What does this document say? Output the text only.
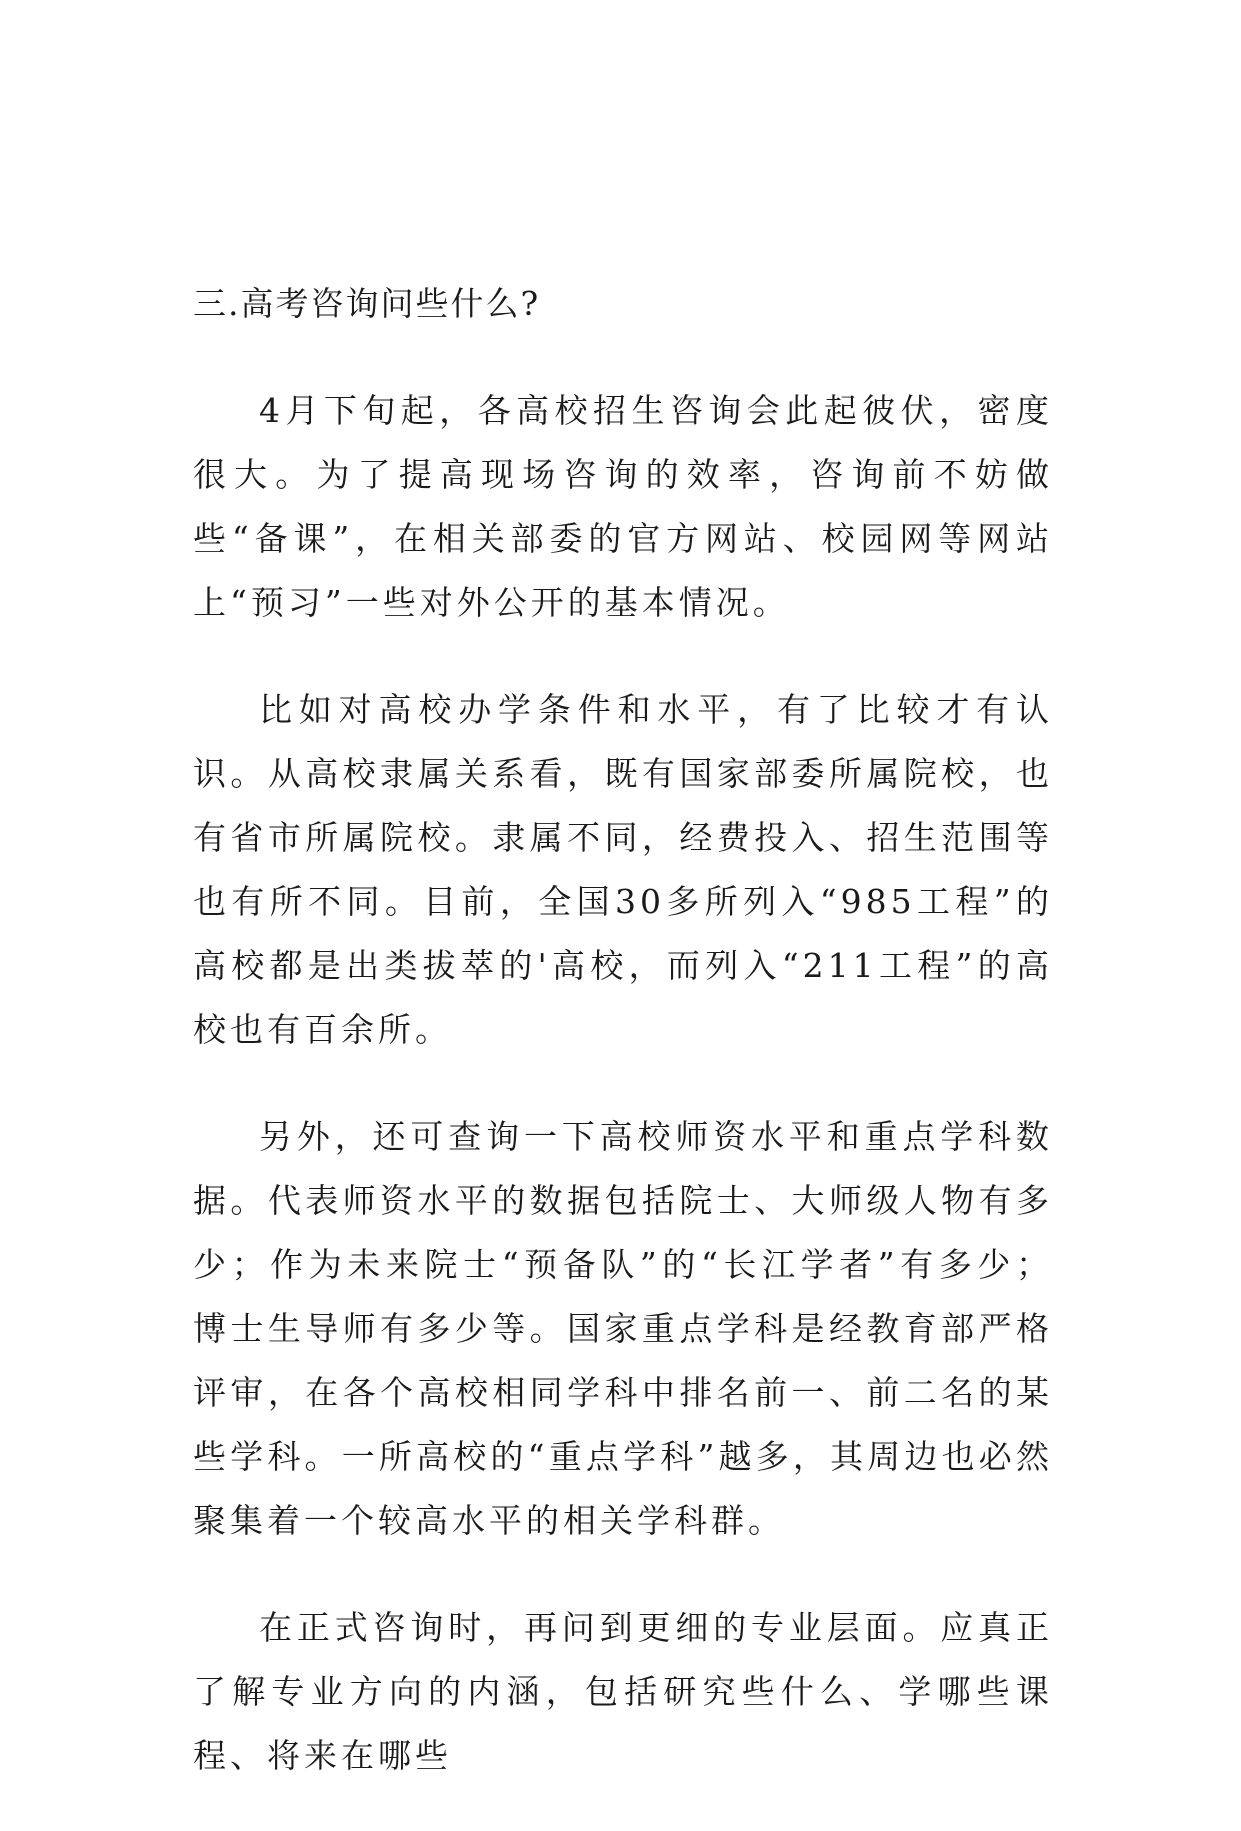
三.高考咨询问些什么?

4月下旬起，各高校招生咨询会此起彼伏，密度很大。为了提高现场咨询的效率，咨询前不妨做些“备课”，在相关部委的官方网站、校园网等网站上“预习”一些对外公开的基本情况。

比如对高校办学条件和水平，有了比较才有认识。从高校隶属关系看，既有国家部委所属院校，也有省市所属院校。隶属不同，经费投入、招生范围等也有所不同。目前，全国30多所列入“985工程”的高校都是出类拔萃的'高校，而列入“211工程”的高校也有百余所。

另外，还可查询一下高校师资水平和重点学科数据。代表师资水平的数据包括院士、大师级人物有多少；作为未来院士“预备队”的“长江学者”有多少；博士生导师有多少等。国家重点学科是经教育部严格评审，在各个高校相同学科中排名前一、前二名的某些学科。一所高校的“重点学科”越多，其周边也必然聚集着一个较高水平的相关学科群。

在正式咨询时，再问到更细的专业层面。应真正了解专业方向的内涵，包括研究些什么、学哪些课程、将来在哪些
